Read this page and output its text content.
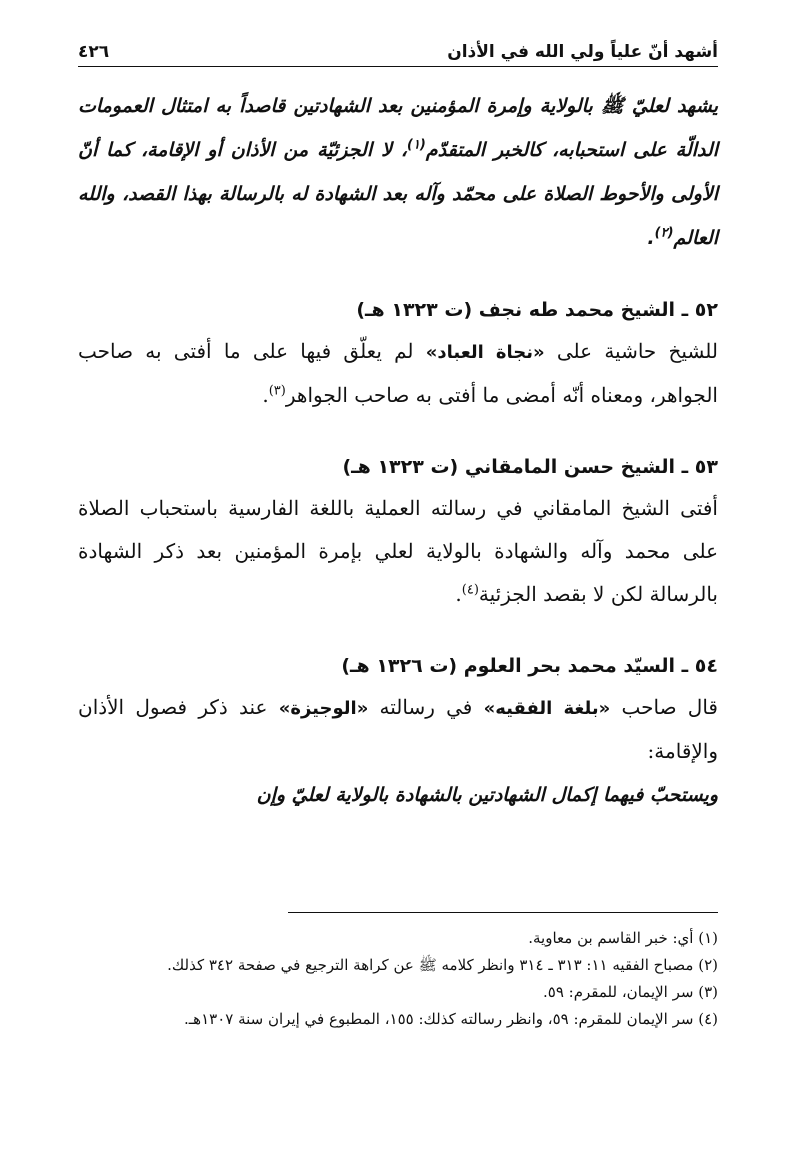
أشهد أنّ علياً ولي الله في الأذان
٤٢٦

يشهد لعليّ ﷺ بالولاية وإمرة المؤمنين بعد الشهادتين قاصداً به امتثال العمومات الدالّة على استحبابه، كالخبر المتقدّم$^{(١)}$، لا الجزئيّة من الأذان أو الإقامة، كما أنّ الأولى والأحوط الصلاة على محمّد وآله بعد الشهادة له بالرسالة بهذا القصد، والله العالم$^{(٢)}$.

٥٢ ـ الشيخ محمد طه نجف (ت ١٣٢٣ هـ)

للشيخ حاشية على «نجاة العباد» لم يعلّق فيها على ما أفتى به صاحب الجواهر، ومعناه أنّه أمضى ما أفتى به صاحب الجواهر$^{(٣)}$.

٥٣ ـ الشيخ حسن المامقاني (ت ١٣٢٣ هـ)

أفتى الشيخ المامقاني في رسالته العملية باللغة الفارسية باستحباب الصلاة على محمد وآله والشهادة بالولاية لعلي بإمرة المؤمنين بعد ذكر الشهادة بالرسالة لكن لا بقصد الجزئية$^{(٤)}$.

٥٤ ـ السيّد محمد بحر العلوم (ت ١٣٢٦ هـ)

قال صاحب «بلغة الفقيه» في رسالته «الوجيزة» عند ذكر فصول الأذان والإقامة:

ويستحبّ فيهما إكمال الشهادتين بالشهادة بالولاية لعليّ وإن

(١) أي: خبر القاسم بن معاوية.

(٢) مصباح الفقيه ١١: ٣١٣ ـ ٣١٤ وانظر كلامه ﷺ عن كراهة الترجيع في صفحة ٣٤٢ كذلك.

(٣) سر الإيمان، للمقرم: ٥٩.

(٤) سر الإيمان للمقرم: ٥٩، وانظر رسالته كذلك: ١٥٥، المطبوع في إيران سنة ١٣٠٧هـ.
